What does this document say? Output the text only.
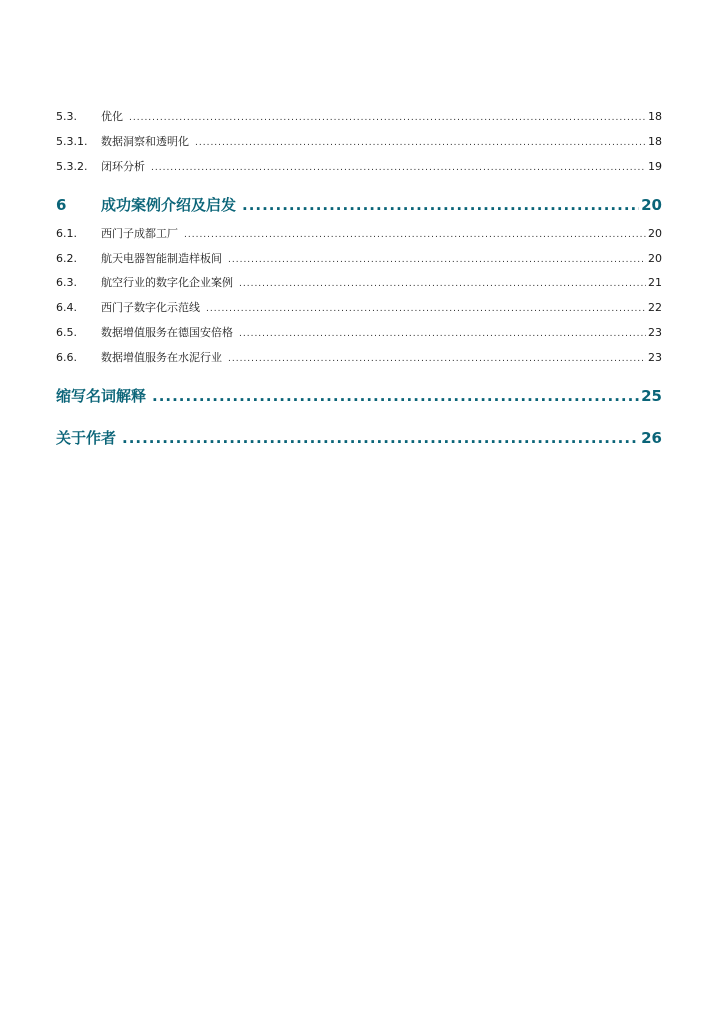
5.3.	优化 .....	18
5.3.1.	数据洞察和透明化 .....	18
5.3.2.	闭环分析 .....	19
6	成功案例介绍及启发 .....	20
6.1.	西门子成都工厂 .....	20
6.2.	航天电器智能制造样板间 .....	20
6.3.	航空行业的数字化企业案例 .....	21
6.4.	西门子数字化示范线 .....	22
6.5.	数据增值服务在德国安倍格 .....	23
6.6.	数据增值服务在水泥行业 .....	23
缩写名词解释 .....	25
关于作者 .....	26
